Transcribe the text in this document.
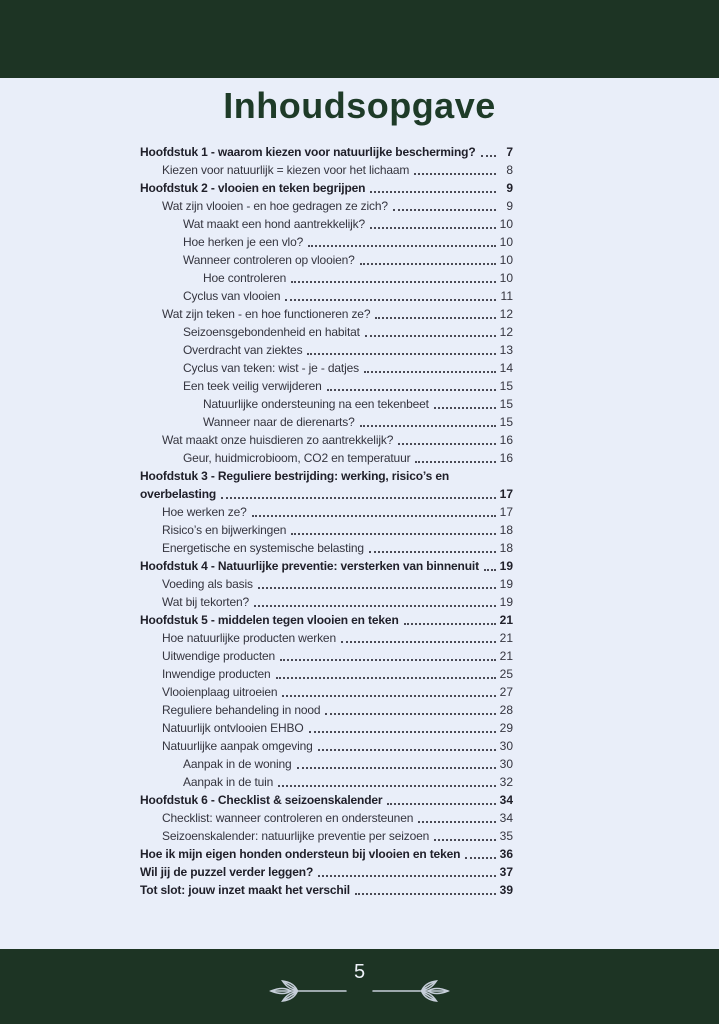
Inhoudsopgave
Hoofdstuk 1 - waarom kiezen voor natuurlijke bescherming?	7
Kiezen voor natuurlijk = kiezen voor het lichaam	8
Hoofdstuk 2 - vlooien en teken begrijpen	9
Wat zijn vlooien - en hoe gedragen ze zich?	9
Wat maakt een hond aantrekkelijk?	10
Hoe herken je een vlo?	10
Wanneer controleren op vlooien?	10
Hoe controleren	10
Cyclus van vlooien	11
Wat zijn teken - en hoe functioneren ze?	12
Seizoensgebondenheid en habitat	12
Overdracht van ziektes	13
Cyclus van teken: wist - je - datjes	14
Een teek veilig verwijderen	15
Natuurlijke ondersteuning na een tekenbeet	15
Wanneer naar de dierenarts?	15
Wat maakt onze huisdieren zo aantrekkelijk?	16
Geur, huidmicrobioom, CO2 en temperatuur	16
Hoofdstuk 3 - Reguliere bestrijding: werking, risico’s en
overbelasting	17
Hoe werken ze?	17
Risico’s en bijwerkingen	18
Energetische en systemische belasting	18
Hoofdstuk 4 - Natuurlijke preventie: versterken van binnenuit 19
Voeding als basis	19
Wat bij tekorten?	19
Hoofdstuk 5 - middelen tegen vlooien en teken	21
Hoe natuurlijke producten werken	21
Uitwendige producten	21
Inwendige producten	25
Vlooienplaag uitroeien	27
Reguliere behandeling in nood	28
Natuurlijk ontvlooien EHBO	29
Natuurlijke aanpak omgeving	30
Aanpak in de woning	30
Aanpak in de tuin	32
Hoofdstuk 6 - Checklist & seizoenskalender	34
Checklist: wanneer controleren en ondersteunen	34
Seizoenskalender: natuurlijke preventie per seizoen	35
Hoe ik mijn eigen honden ondersteun bij vlooien en teken	36
Wil jij de puzzel verder leggen?	37
Tot slot: jouw inzet maakt het verschil	39
5
